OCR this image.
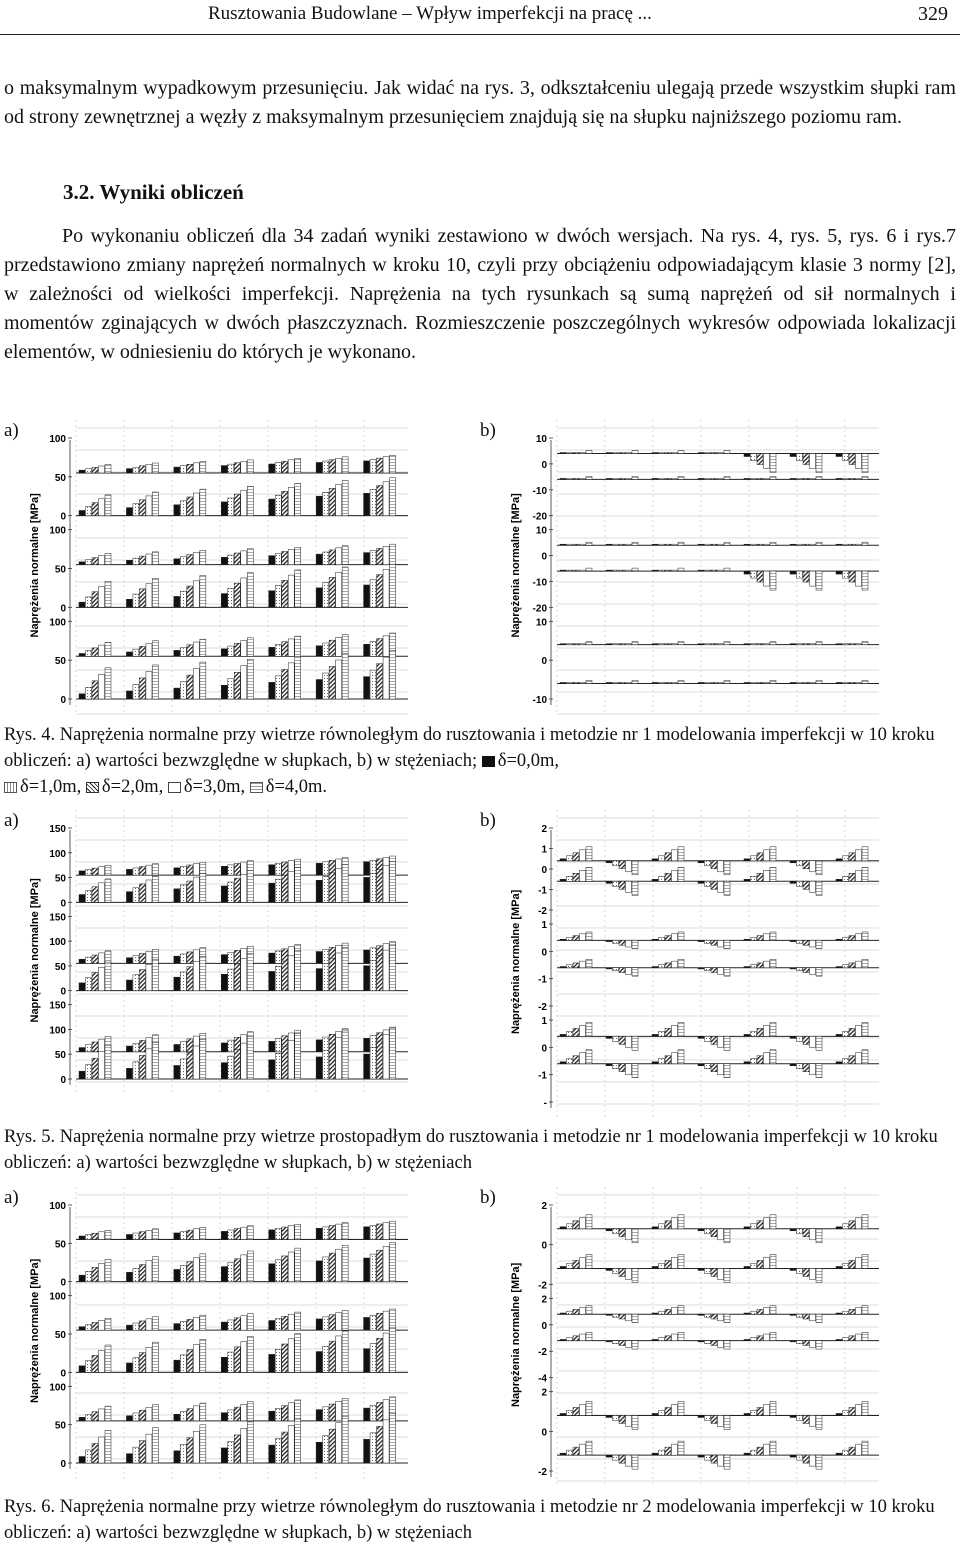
Rusztowania Budowlane – Wpływ imperfekcji na pracę ...	329

o maksymalnym wypadkowym przesunięciu. Jak widać na rys. 3, odkształceniu ulegają przede wszystkim słupki ram od strony zewnętrznej a węzły z maksymalnym przesunięciem znajdują się na słupku najniższego poziomu ram.

3.2. Wyniki obliczeń

Po wykonaniu obliczeń dla 34 zadań wyniki zestawiono w dwóch wersjach. Na rys. 4, rys. 5, rys. 6 i rys.7 przedstawiono zmiany naprężeń normalnych w kroku 10, czyli przy obciążeniu odpowiadającym klasie 3 normy [2], w zależności od wielkości imperfekcji. Naprężenia na tych rysunkach są sumą naprężeń od sił normalnych i momentów zginających w dwóch płaszczyznach. Rozmieszczenie poszczególnych wykresów odpowiada lokalizacji elementów, w odniesieniu do których je wykonano.

a)	b)
Naprężenia normalne [MPa]
100
50
0
100
50
0
100
50
0
Naprężenia normalne [MPa]
10
0
-10
-20
10
0
-10
-20
10
0
-10

Rys. 4. Naprężenia normalne przy wietrze równoległym do rusztowania i metodzie nr 1 modelowania imperfekcji w 10 kroku obliczeń: a) wartości bezwzględne w słupkach, b) w stężeniach; δ=0,0m,
δ=1,0m, δ=2,0m, δ=3,0m, δ=4,0m.

a)	b)
Naprężenia normalne [MPa]
150
100
50
0
150
100
50
0
150
100
50
0
Naprężenia normalne [MPa]
2
1
0
-1
-2
1
0
-1
-2
1
0
-1
-

Rys. 5. Naprężenia normalne przy wietrze prostopadłym do rusztowania i metodzie nr 1 modelowania imperfekcji w 10 kroku obliczeń: a) wartości bezwzględne w słupkach, b) w stężeniach

a)	b)
Naprężenia normalne [MPa]
100
50
0
100
50
0
100
50
0
Naprężenia normalne [MPa]
2
0
-2
2
0
-2
-4
2
0
-2

Rys. 6. Naprężenia normalne przy wietrze równoległym do rusztowania i metodzie nr 2 modelowania imperfekcji w 10 kroku obliczeń: a) wartości bezwzględne w słupkach, b) w stężeniach
